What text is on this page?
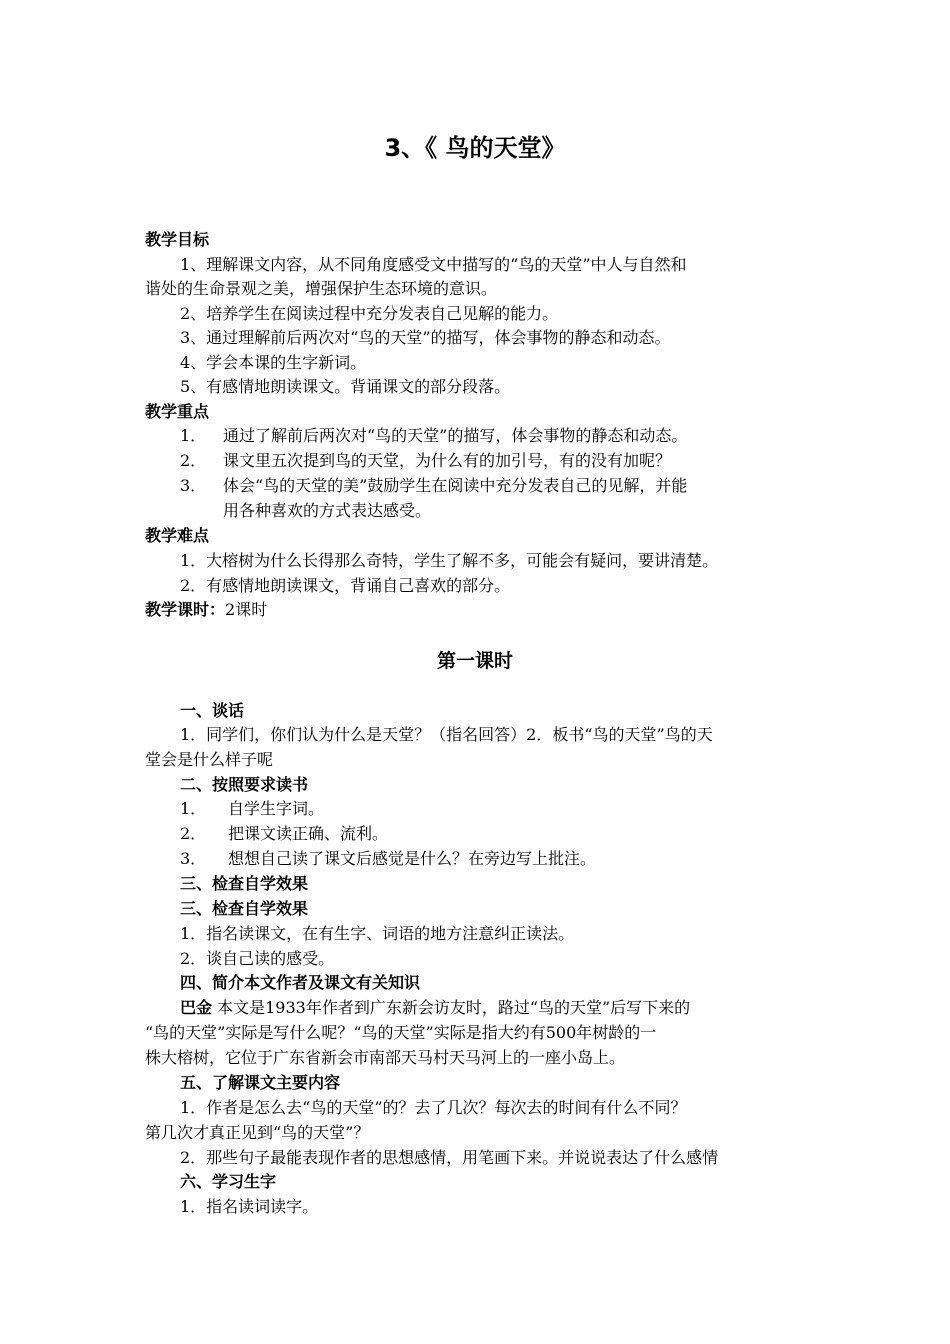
3、《 鸟的天堂》
教学目标
1、理解课文内容，从不同角度感受文中描写的“鸟的天堂”中人与自然和
谐处的生命景观之美，增强保护生态环境的意识。
2、培养学生在阅读过程中充分发表自己见解的能力。
3、通过理解前后两次对“鸟的天堂”的描写，体会事物的静态和动态。
4、学会本课的生字新词。
5、有感情地朗读课文。背诵课文的部分段落。
教学重点
1． 通过了解前后两次对“鸟的天堂”的描写，体会事物的静态和动态。
2． 课文里五次提到鸟的天堂，为什么有的加引号，有的没有加呢？
3． 体会“鸟的天堂的美”鼓励学生在阅读中充分发表自己的见解，并能
用各种喜欢的方式表达感受。
教学难点
1．大榕树为什么长得那么奇特，学生了解不多，可能会有疑问，要讲清楚。
2．有感情地朗读课文，背诵自己喜欢的部分。
教学课时：2课时
第一课时
一、谈话
1．同学们，你们认为什么是天堂？（指名回答）2．板书“鸟的天堂”鸟的天
堂会是什么样子呢
二、按照要求读书
1． 自学生字词。
2． 把课文读正确、流利。
3． 想想自己读了课文后感觉是什么？在旁边写上批注。
三、检查自学效果
三、检查自学效果
1．指名读课文，在有生字、词语的地方注意纠正读法。
2．谈自己读的感受。
四、简介本文作者及课文有关知识
巴金 本文是1933年作者到广东新会访友时，路过“鸟的天堂”后写下来的
“鸟的天堂”实际是写什么呢？“鸟的天堂”实际是指大约有500年树龄的一
株大榕树，它位于广东省新会市南部天马村天马河上的一座小岛上。
五、了解课文主要内容
1．作者是怎么去“鸟的天堂”的？去了几次？每次去的时间有什么不同？
第几次才真正见到“鸟的天堂”？
2．那些句子最能表现作者的思想感情，用笔画下来。并说说表达了什么感情
六、学习生字
1．指名读词读字。
